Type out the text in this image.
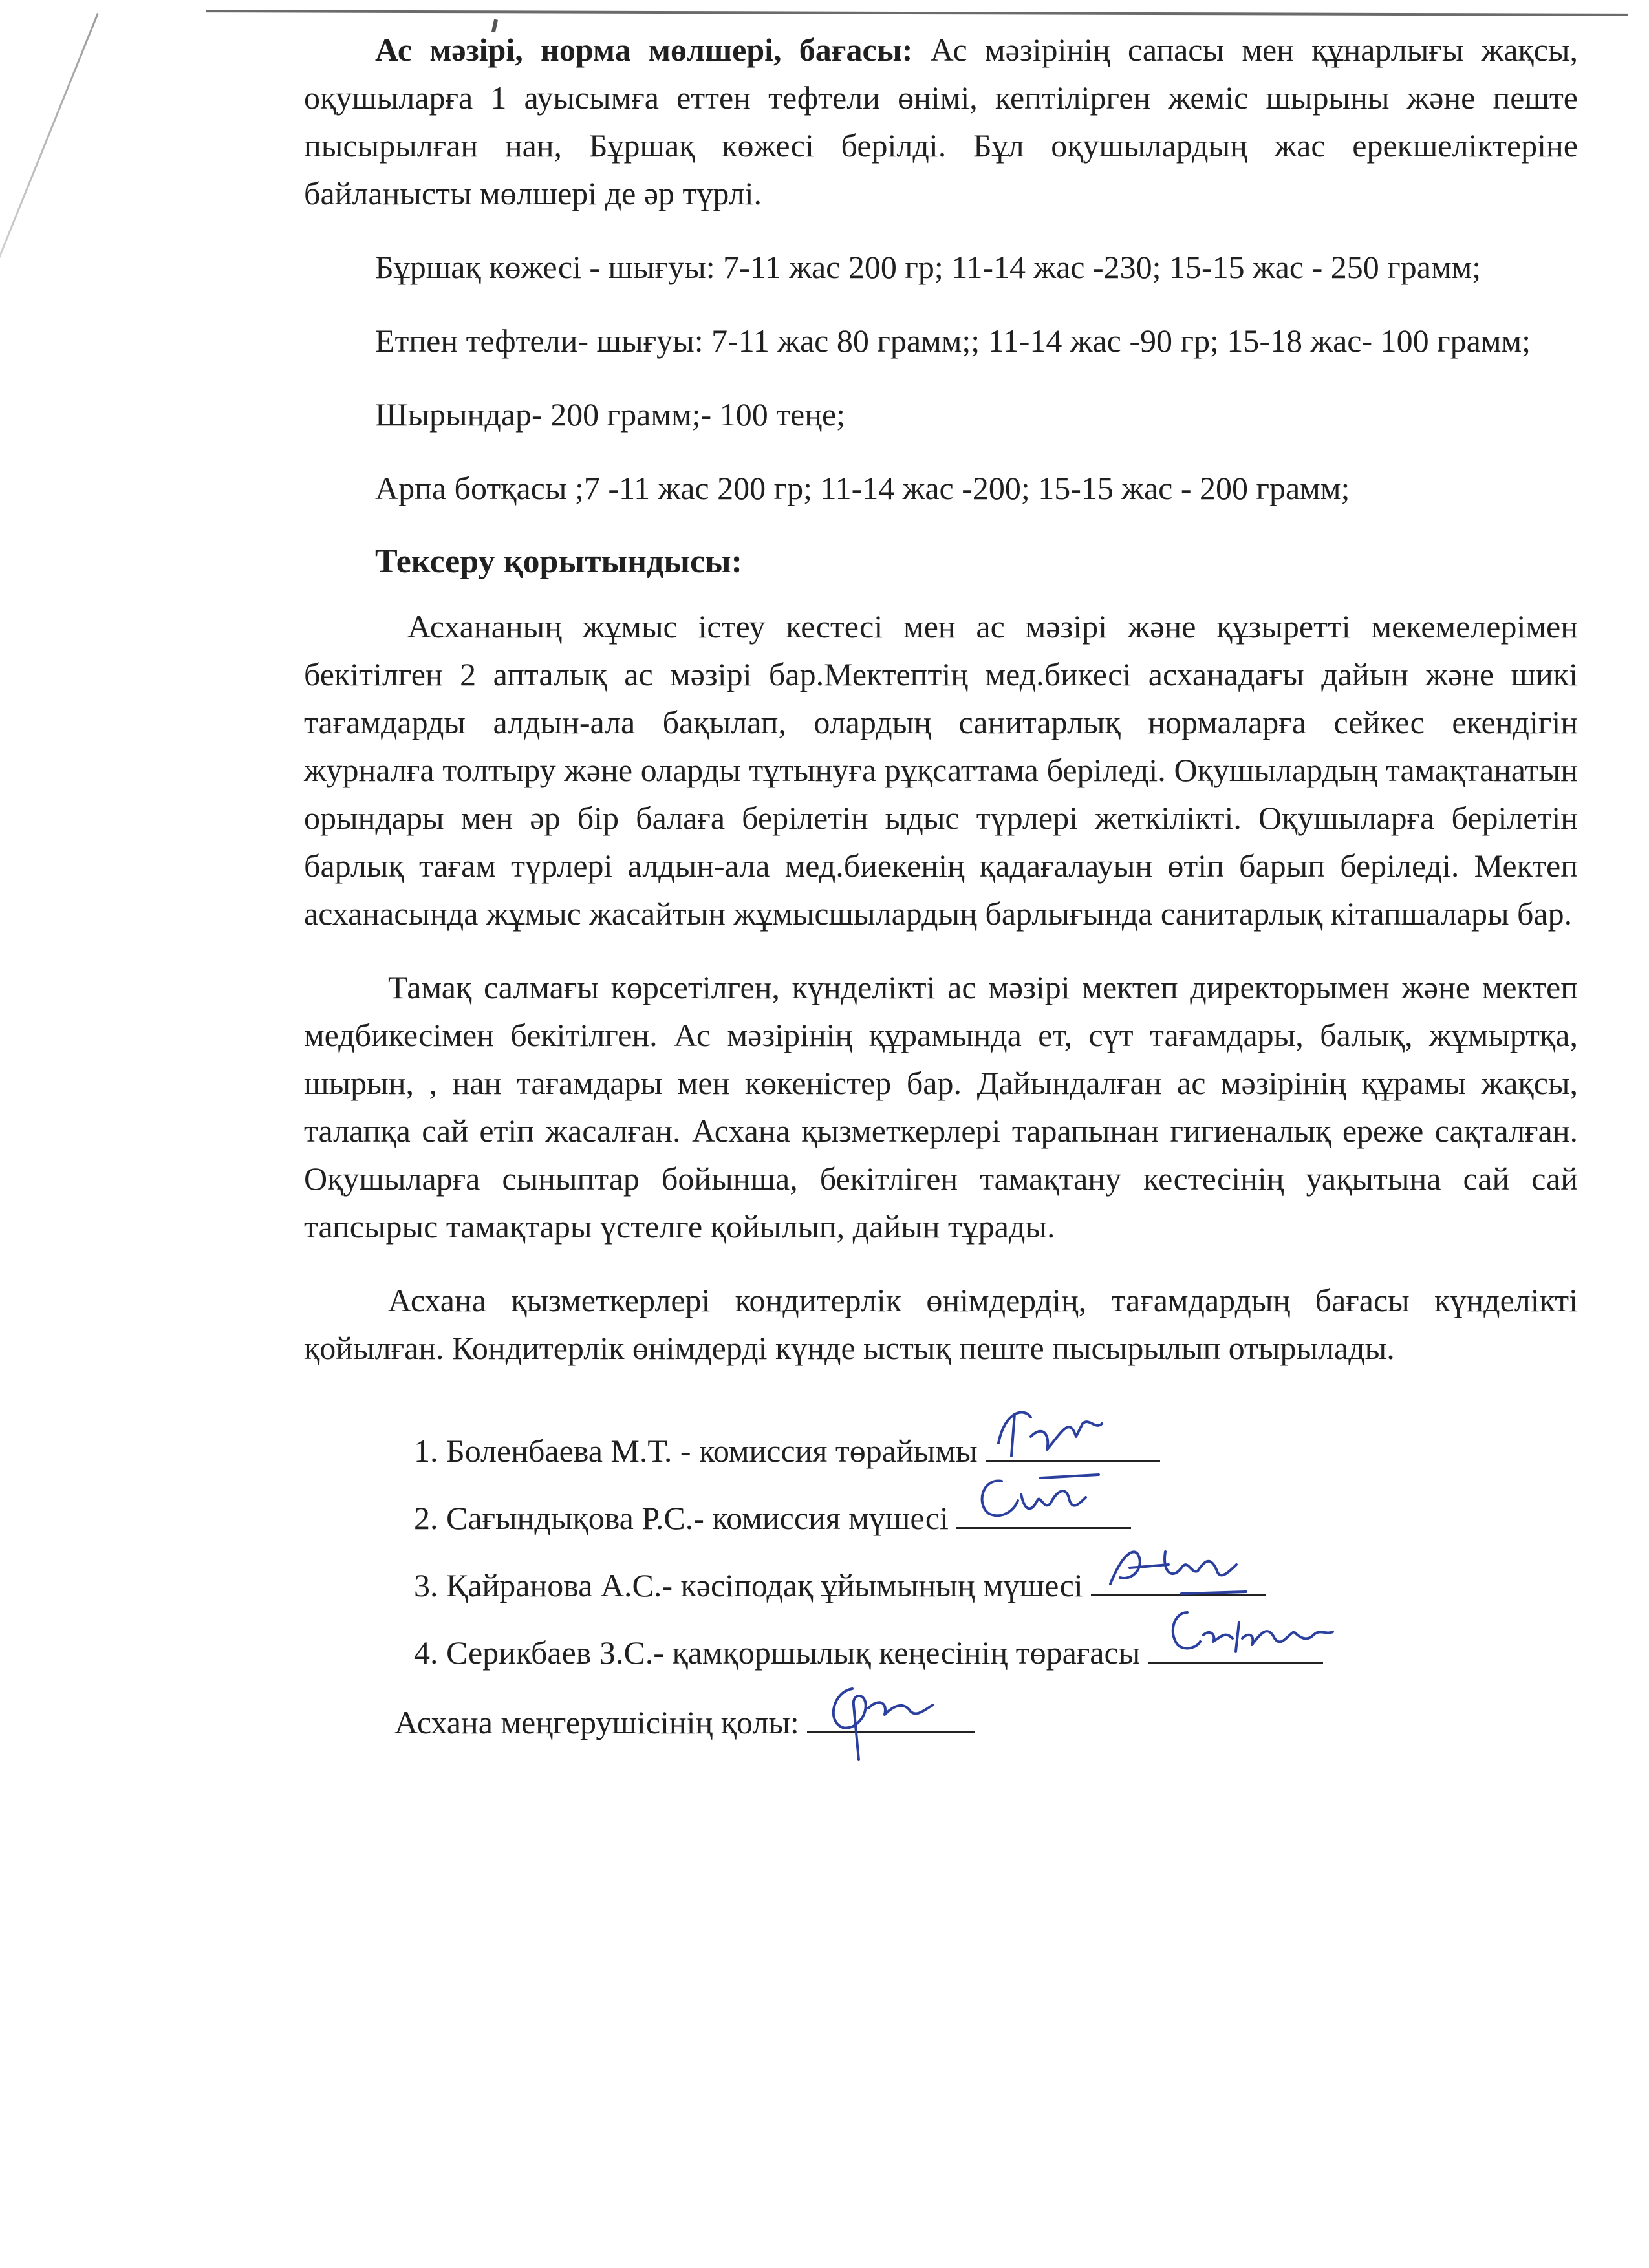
Ас мәзірі, норма мөлшері, бағасы: Ас мәзірінің сапасы мен құнарлығы жақсы, оқушыларға 1 ауысымға еттен тефтели өнімі, кептілірген жеміс шырыны және пеште пысырылған нан, Бұршақ көжесі берілді. Бұл оқушылардың жас ерекшеліктеріне байланысты мөлшері де әр түрлі.

Бұршақ көжесі - шығуы: 7-11 жас 200 гр; 11-14 жас -230; 15-15 жас - 250 грамм;

Етпен тефтели- шығуы: 7-11 жас 80 грамм;; 11-14 жас -90 гр; 15-18 жас- 100 грамм;

Шырындар- 200 грамм;- 100 теңе;

Арпа ботқасы ;7 -11 жас 200 гр; 11-14 жас -200; 15-15 жас - 200 грамм;

Тексеру қорытындысы:

Асхананың жұмыс істеу кестесі мен ас мәзірі және құзыретті мекемелерімен бекітілген 2 апталық ас мәзірі бар.Мектептің мед.бикесі асханадағы дайын және шикі тағамдарды алдын-ала бақылап, олардың санитарлық нормаларға сейкес екендігін журналға толтыру және оларды тұтынуға рұқсаттама беріледі. Оқушылардың тамақтанатын орындары мен әр бір балаға берілетін ыдыс түрлері жеткілікті. Оқушыларға берілетін барлық тағам түрлері алдын-ала мед.биекенің қадағалауын өтіп барып беріледі. Мектеп асханасында жұмыс жасайтын жұмысшылардың барлығында санитарлық кітапшалары бар.

Тамақ салмағы көрсетілген, күнделікті ас мәзірі мектеп директорымен және мектеп медбикесімен бекітілген. Ас мәзірінің құрамында ет, сүт тағамдары, балық, жұмыртқа, шырын, , нан тағамдары мен көкеністер бар. Дайындалған ас мәзірінің құрамы жақсы, талапқа сай етіп жасалған. Асхана қызметкерлері тарапынан гигиеналық ереже сақталған. Оқушыларға сыныптар бойынша, бекітліген тамақтану кестесінің уақытына сай сай тапсырыс тамақтары үстелге қойылып, дайын тұрады.

Асхана қызметкерлері кондитерлік өнімдердің, тағамдардың бағасы күнделікті қойылған. Кондитерлік өнімдерді күнде ыстық пеште пысырылып отырылады.

1. Боленбаева М.Т. - комиссия төрайымы
2. Сағындықова Р.С.- комиссия мүшесі
3. Қайранова А.С.- кәсіподақ ұйымының мүшесі
4. Серикбаев З.С.- қамқоршылық кеңесінің төрағасы
Асхана меңгерушісінің қолы:
